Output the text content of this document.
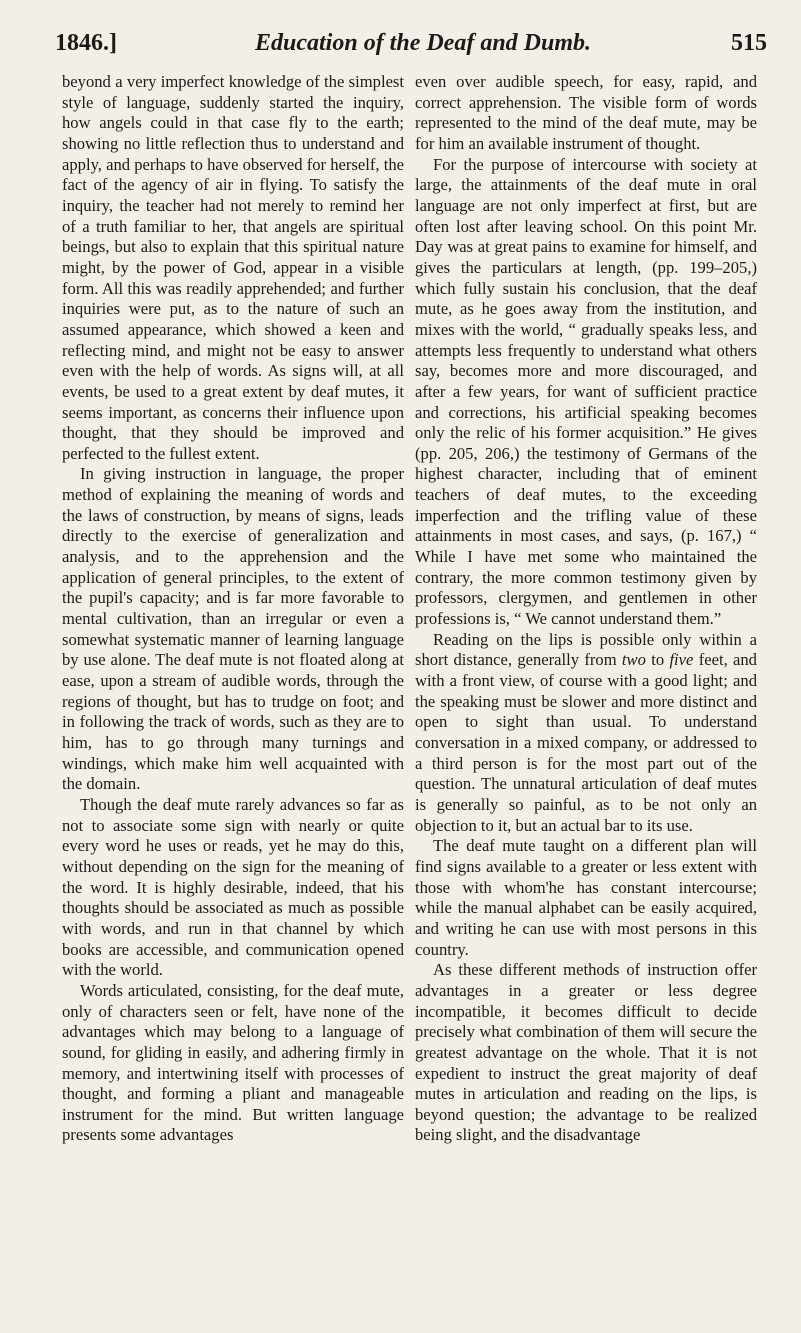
1846.]	Education of the Deaf and Dumb.	515

beyond a very imperfect knowledge of the simplest style of language, suddenly started the inquiry, how angels could in that case fly to the earth; showing no little reflection thus to understand and apply, and perhaps to have observed for herself, the fact of the agency of air in flying. To satisfy the inquiry, the teacher had not merely to remind her of a truth familiar to her, that angels are spiritual beings, but also to explain that this spiritual nature might, by the power of God, appear in a visible form. All this was readily apprehended; and further inquiries were put, as to the nature of such an assumed appearance, which showed a keen and reflecting mind, and might not be easy to answer even with the help of words. As signs will, at all events, be used to a great extent by deaf mutes, it seems important, as concerns their influence upon thought, that they should be improved and perfected to the fullest extent.

In giving instruction in language, the proper method of explaining the meaning of words and the laws of construction, by means of signs, leads directly to the exercise of generalization and analysis, and to the apprehension and the application of general principles, to the extent of the pupil's capacity; and is far more favorable to mental cultivation, than an irregular or even a somewhat systematic manner of learning language by use alone. The deaf mute is not floated along at ease, upon a stream of audible words, through the regions of thought, but has to trudge on foot; and in following the track of words, such as they are to him, has to go through many turnings and windings, which make him well acquainted with the domain.

Though the deaf mute rarely advances so far as not to associate some sign with nearly or quite every word he uses or reads, yet he may do this, without depending on the sign for the meaning of the word. It is highly desirable, indeed, that his thoughts should be associated as much as possible with words, and run in that channel by which books are accessible, and communication opened with the world.

Words articulated, consisting, for the deaf mute, only of characters seen or felt, have none of the advantages which may belong to a language of sound, for gliding in easily, and adhering firmly in memory, and intertwining itself with processes of thought, and forming a pliant and manageable instrument for the mind. But written language presents some advantages

even over audible speech, for easy, rapid, and correct apprehension. The visible form of words represented to the mind of the deaf mute, may be for him an available instrument of thought.

For the purpose of intercourse with society at large, the attainments of the deaf mute in oral language are not only imperfect at first, but are often lost after leaving school. On this point Mr. Day was at great pains to examine for himself, and gives the particulars at length, (pp. 199–205,) which fully sustain his conclusion, that the deaf mute, as he goes away from the institution, and mixes with the world, “ gradually speaks less, and attempts less frequently to understand what others say, becomes more and more discouraged, and after a few years, for want of sufficient practice and corrections, his artificial speaking becomes only the relic of his former acquisition.” He gives (pp. 205, 206,) the testimony of Germans of the highest character, including that of eminent teachers of deaf mutes, to the exceeding imperfection and the trifling value of these attainments in most cases, and says, (p. 167,) “ While I have met some who maintained the contrary, the more common testimony given by professors, clergymen, and gentlemen in other professions is, “ We cannot understand them.”

Reading on the lips is possible only within a short distance, generally from two to five feet, and with a front view, of course with a good light; and the speaking must be slower and more distinct and open to sight than usual. To understand conversation in a mixed company, or addressed to a third person is for the most part out of the question. The unnatural articulation of deaf mutes is generally so painful, as to be not only an objection to it, but an actual bar to its use.

The deaf mute taught on a different plan will find signs available to a greater or less extent with those with whom'he has constant intercourse; while the manual alphabet can be easily acquired, and writing he can use with most persons in this country.

As these different methods of instruction offer advantages in a greater or less degree incompatible, it becomes difficult to decide precisely what combination of them will secure the greatest advantage on the whole. That it is not expedient to instruct the great majority of deaf mutes in articulation and reading on the lips, is beyond question; the advantage to be realized being slight, and the disadvantage
